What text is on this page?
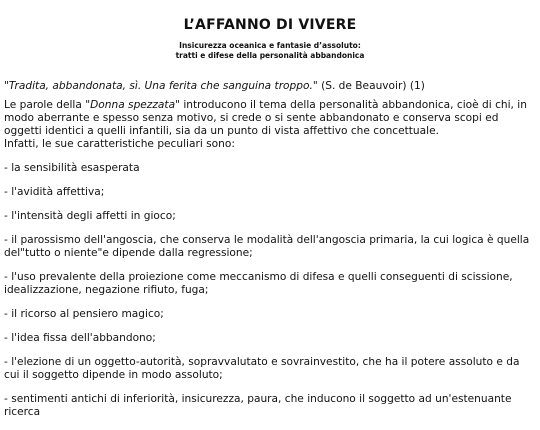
L’AFFANNO DI VIVERE
Insicurezza oceanica e fantasie d’assoluto:
tratti e difese della personalità abbandonica

"Tradita, abbandonata, sì. Una ferita che sanguina troppo." (S. de Beauvoir) (1)

Le parole della "Donna spezzata" introducono il tema della personalità abbandonica, cioè di chi, in modo aberrante e spesso senza motivo, si crede o si sente abbandonato e conserva scopi ed oggetti identici a quelli infantili, sia da un punto di vista affettivo che concettuale.
Infatti, le sue caratteristiche peculiari sono:

- la sensibilità esasperata

- l'avidità affettiva;

- l'intensità degli affetti in gioco;

- il parossismo dell'angoscia, che conserva le modalità dell'angoscia primaria, la cui logica è quella del"tutto o niente"e dipende dalla regressione;

- l'uso prevalente della proiezione come meccanismo di difesa e quelli conseguenti di scissione, idealizzazione, negazione rifiuto, fuga;

- il ricorso al pensiero magico;

- l'idea fissa dell'abbandono;

- l'elezione di un oggetto-autorità, sopravvalutato e sovrainvestito, che ha il potere assoluto e da cui il soggetto dipende in modo assoluto;

- sentimenti antichi di inferiorità, insicurezza, paura, che inducono il soggetto ad un'estenuante ricerca
